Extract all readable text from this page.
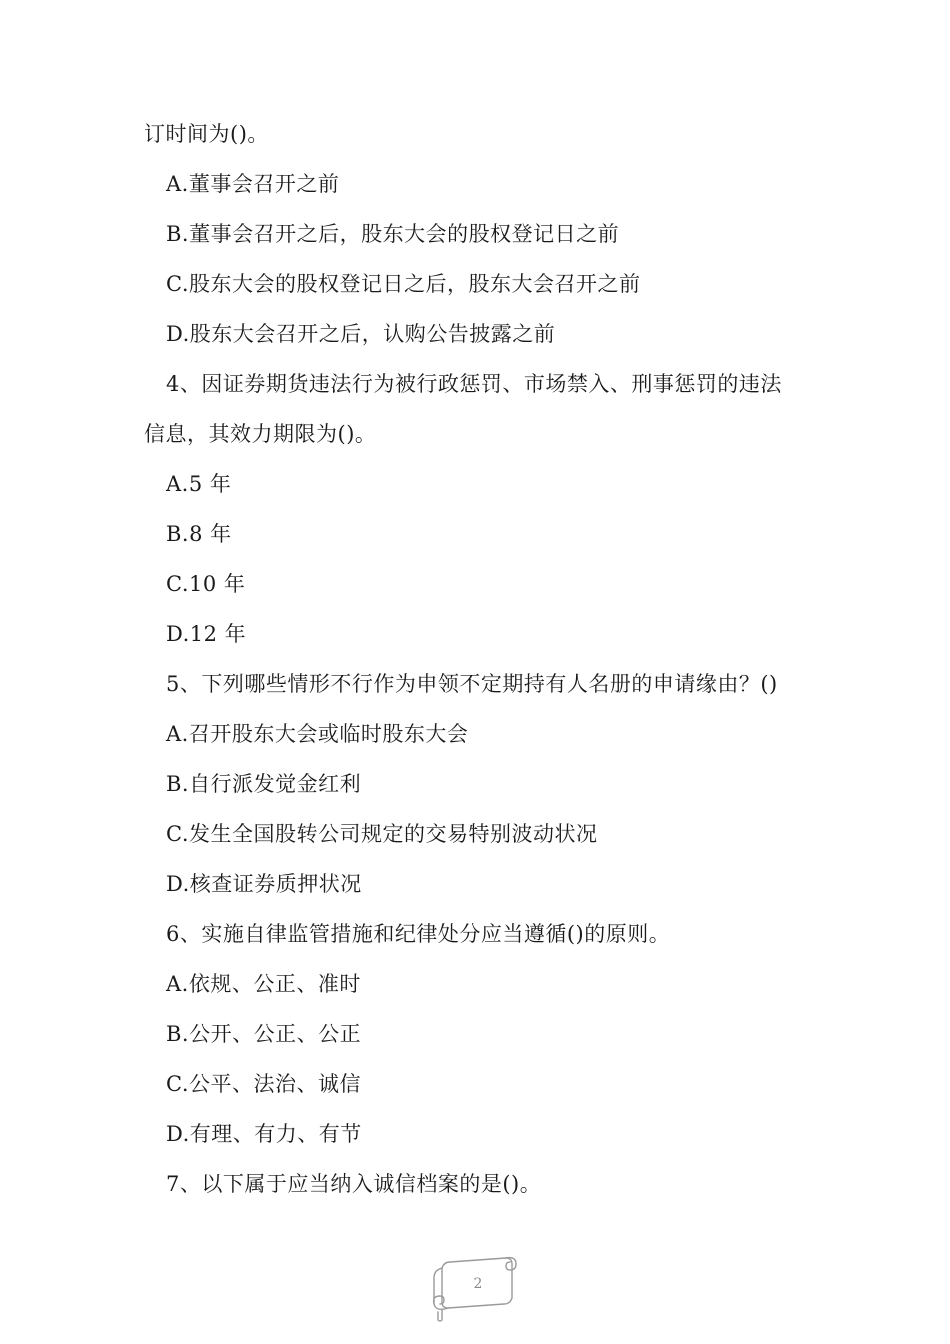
订时间为()。
A.董事会召开之前
B.董事会召开之后，股东大会的股权登记日之前
C.股东大会的股权登记日之后，股东大会召开之前
D.股东大会召开之后，认购公告披露之前
4、因证券期货违法行为被行政惩罚、市场禁入、刑事惩罚的违法
信息，其效力期限为()。
A.5 年
B.8 年
C.10 年
D.12 年
5、下列哪些情形不行作为申领不定期持有人名册的申请缘由？()
A.召开股东大会或临时股东大会
B.自行派发觉金红利
C.发生全国股转公司规定的交易特别波动状况
D.核查证券质押状况
6、实施自律监管措施和纪律处分应当遵循()的原则。
A.依规、公正、准时
B.公开、公正、公正
C.公平、法治、诚信
D.有理、有力、有节
7、以下属于应当纳入诚信档案的是()。
2
